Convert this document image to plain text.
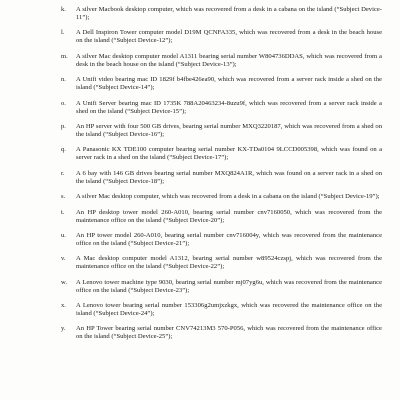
k.	A silver Macbook desktop computer, which was recovered from a desk in a cabana on the island (“Subject Device-11”);
l.	A Dell Inspiron Tower computer model D19M QCNFA335, which was recovered from a desk in the beach house on the island (“Subject Device-12”);
m.	A silver Mac desktop computer model A1311 bearing serial number W804736DDAS, which was recovered from a desk in the beach house on the island (“Subject Device-13”);
n.	A Unifi video bearing mac ID 1829f b4fbe426ea90, which was recovered from a server rack inside a shed on the island (“Subject Device-14”);
o.	A Unifi Server bearing mac ID 1735K 788A20463234-8uzu9f, which was recovered from a server rack inside a shed on the island (“Subject Device-15”);
p.	An HP server with four 500 GB drives, bearing serial number MXQ3220187, which was recovered from a shed on the island (“Subject Device-16”);
q.	A Panasonic KX TDE100 computer bearing serial number KX-TDa0104 9LCCD005398, which was found on a server rack in a shed on the island (“Subject Device-17”);
r.	A 6 bay with 146 GB drives bearing serial number MXQ824A1R, which was found on a server rack in a shed on the island (“Subject Device-18”);
s.	A silver Mac desktop computer, which was recovered from a desk in a cabana on the island (“Subject Device-19”);
t.	An HP desktop tower model 260-A010, bearing serial number cnv7160050, which was recovered from the maintenance office on the island (“Subject Device-20”);
u.	An HP tower model 260-A010, bearing serial number cnv716004y, which was recovered from the maintenance office on the island (“Subject Device-21”);
v.	A Mac desktop computer model A1312, bearing serial number w89524czspj, which was recovered from the maintenance office on the island (“Subject Device-22”);
w.	A Lenovo tower machine type 9030, bearing serial number mj07yg6u, which was recovered from the maintenance office on the island (“Subject Device-23”);
x.	A Lenovo tower bearing serial number 153306g2umjxzkgx, which was recovered the maintenance office on the island (“Subject Device-24”);
y.	An HP Tower bearing serial number CNV74213M3 570-P056, which was recovered from the maintenance office on the island (“Subject Device-25”);
